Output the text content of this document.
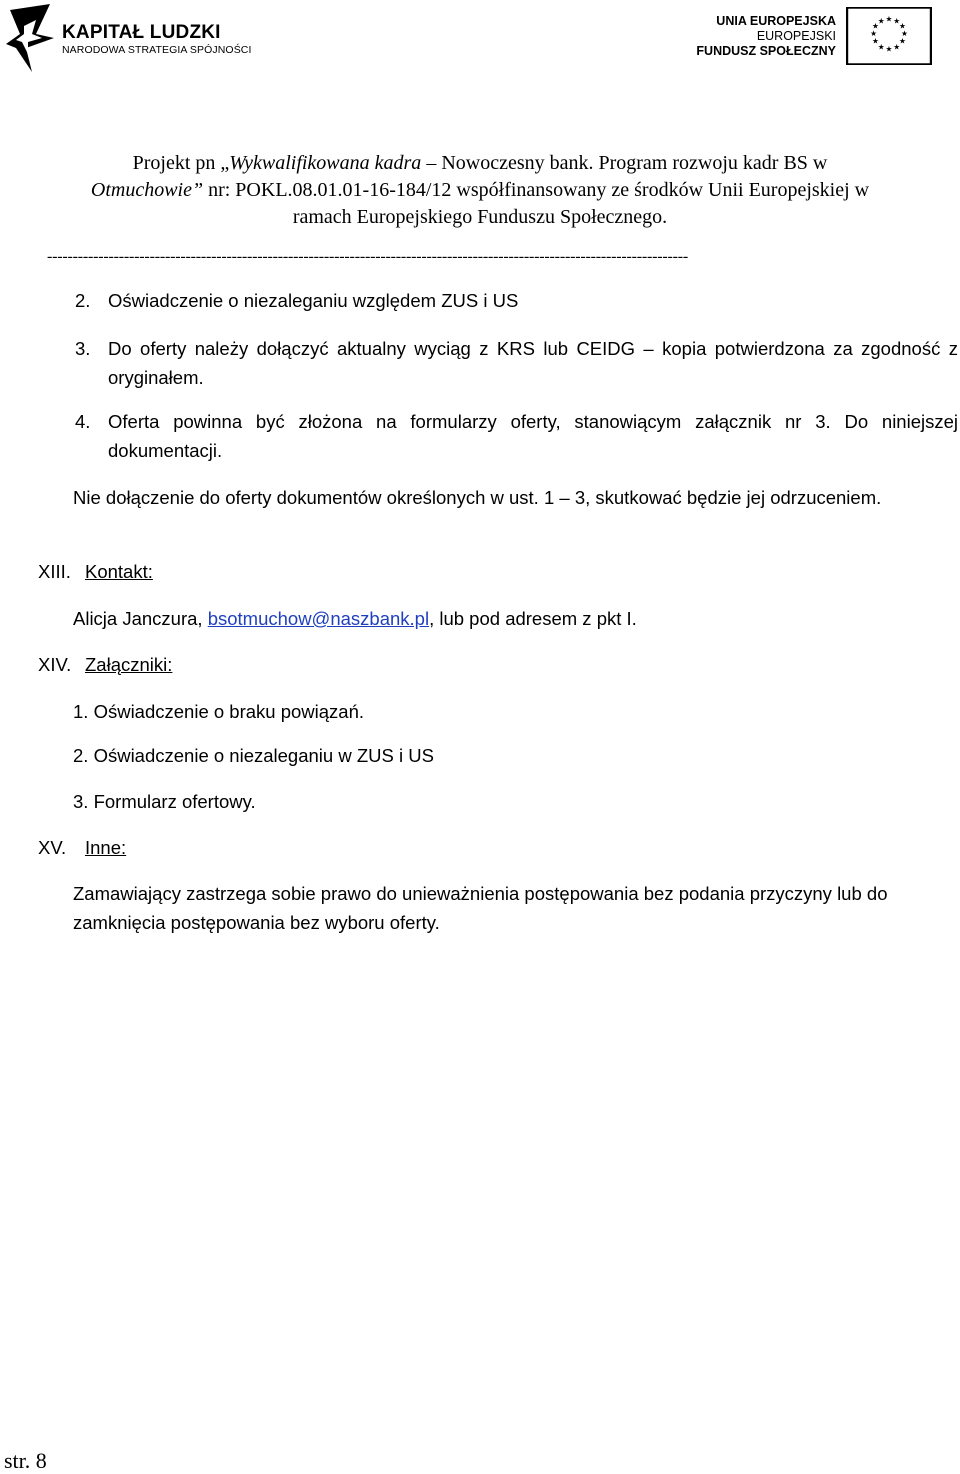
KAPITAŁ LUDZKI
NARODOWA STRATEGIA SPÓJNOŚCI
UNIA EUROPEJSKA
EUROPEJSKI
FUNDUSZ SPOŁECZNY
★ ★
★
★
★
★
★
★
★
★
★
★
Projekt pn „Wykwalifikowana kadra – Nowoczesny bank. Program rozwoju kadr BS w
Otmuchowie” nr: POKL.08.01.01-16-184/12 współfinansowany ze środków Unii Europejskiej w
ramach Europejskiego Funduszu Społecznego.
-----------------------------------------------------------------------------------------------------------------------------
2. Oświadczenie o niezaleganiu względem ZUS i US
3. Do oferty należy dołączyć aktualny wyciąg z KRS lub CEIDG – kopia potwierdzona za zgodność z oryginałem.
4. Oferta powinna być złożona na formularzy oferty, stanowiącym załącznik nr 3. Do niniejszej dokumentacji.
Nie dołączenie do oferty dokumentów określonych w ust. 1 – 3, skutkować będzie jej odrzuceniem.
XIII. Kontakt:
Alicja Janczura, bsotmuchow@naszbank.pl, lub pod adresem z pkt I.
XIV. Załączniki:
1. Oświadczenie o braku powiązań.
2. Oświadczenie o niezaleganiu w ZUS i US
3. Formularz ofertowy.
XV. Inne:
Zamawiający zastrzega sobie prawo do unieważnienia postępowania bez podania przyczyny lub do zamknięcia postępowania bez wyboru oferty.
str. 8
